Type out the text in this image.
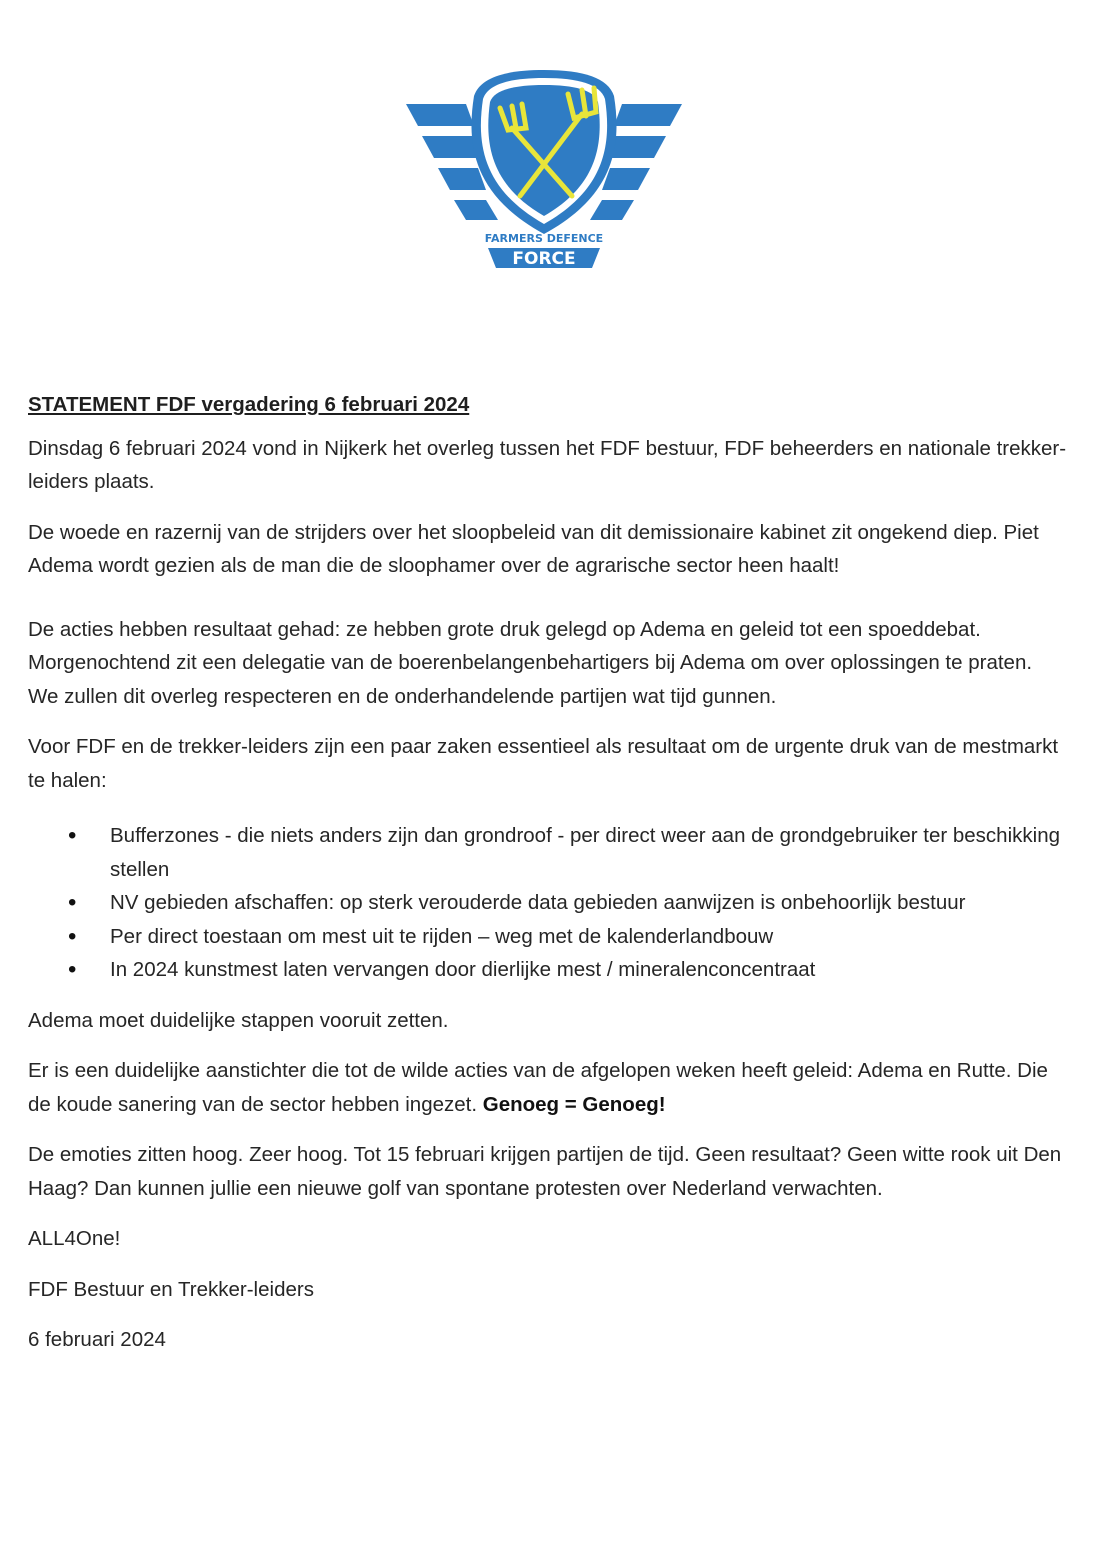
FARMERS DEFENCE
FORCE
STATEMENT FDF vergadering 6 februari 2024

Dinsdag 6 februari 2024 vond in Nijkerk het overleg tussen het FDF bestuur, FDF beheerders en nationale trekker-leiders plaats.

De woede en razernij van de strijders over het sloopbeleid van dit demissionaire kabinet zit ongekend diep. Piet Adema wordt gezien als de man die de sloophamer over de agrarische sector heen haalt!

De acties hebben resultaat gehad: ze hebben grote druk gelegd op Adema en geleid tot een spoeddebat. Morgenochtend zit een delegatie van de boerenbelangenbehartigers bij Adema om over oplossingen te praten. We zullen dit overleg respecteren en de onderhandelende partijen wat tijd gunnen.

Voor FDF en de trekker-leiders zijn een paar zaken essentieel als resultaat om de urgente druk van de mestmarkt te halen:

• Bufferzones - die niets anders zijn dan grondroof - per direct weer aan de grondgebruiker ter beschikking stellen
• NV gebieden afschaffen: op sterk verouderde data gebieden aanwijzen is onbehoorlijk bestuur
• Per direct toestaan om mest uit te rijden – weg met de kalenderlandbouw
• In 2024 kunstmest laten vervangen door dierlijke mest / mineralenconcentraat

Adema moet duidelijke stappen vooruit zetten.

Er is een duidelijke aanstichter die tot de wilde acties van de afgelopen weken heeft geleid: Adema en Rutte. Die de koude sanering van de sector hebben ingezet. Genoeg = Genoeg!

De emoties zitten hoog. Zeer hoog. Tot 15 februari krijgen partijen de tijd. Geen resultaat? Geen witte rook uit Den Haag? Dan kunnen jullie een nieuwe golf van spontane protesten over Nederland verwachten.

ALL4One!

FDF Bestuur en Trekker-leiders

6 februari 2024
